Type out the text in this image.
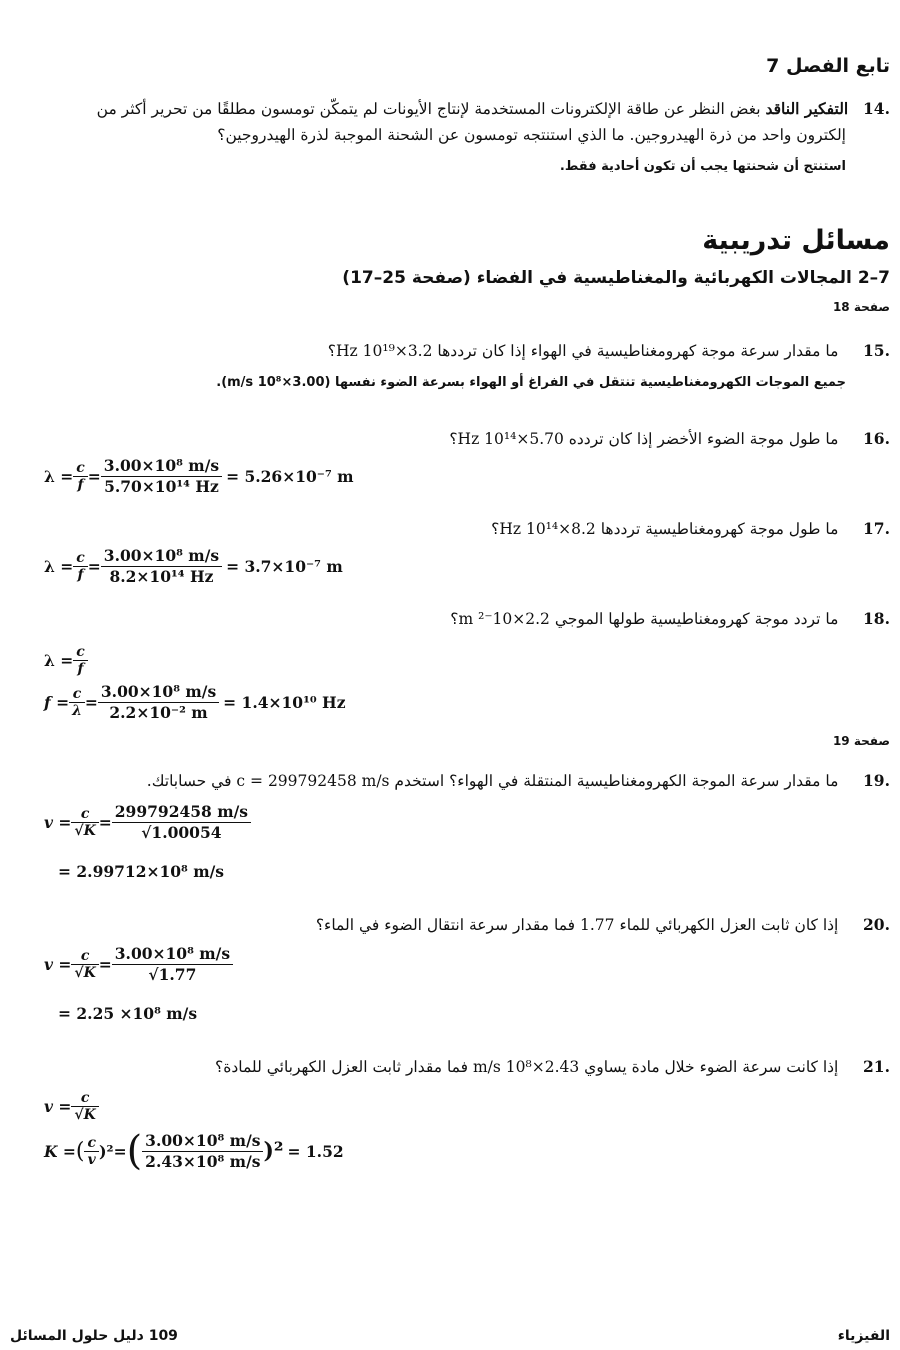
تابع الفصل 7
.14   التفكير الناقد بغض النظر عن طاقة الإلكترونات المستخدمة لإنتاج الأيونات لم يتمكّن تومسون مطلقًا من تحرير أكثر من
إلكترون واحد من ذرة الهيدروجين. ما الذي استنتجه تومسون عن الشحنة الموجبة لذرة الهيدروجين؟
استنتج أن شحنتها يجب أن تكون أحادية فقط.
مسائل تدريبية
7–2 المجالات الكهربائية والمغناطيسية في الفضاء (صفحة 25–17)
صفحة 18
.15     ما مقدار سرعة موجة كهرومغناطيسية في الهواء إذا كان ترددها 3.2×10¹⁹ Hz؟
جميع الموجات الكهرومغناطيسية تنتقل في الفراغ أو الهواء بسرعة الضوء نفسها (3.00×10⁸ m/s).
.16     ما طول موجة الضوء الأخضر إذا كان تردده 5.70×10¹⁴ Hz؟
$\lambda = \frac{c}{f} = \frac{\text{3.00×10⁸ m/s}}{\text{5.70×10¹⁴ Hz}} = 5.26\times 10^{-7}$ m
.17     ما طول موجة كهرومغناطيسية ترددها 8.2×10¹⁴ Hz؟
$\lambda = \frac{c}{f} = \frac{\text{3.00×10⁸ m/s}}{\text{8.2×10¹⁴ Hz}} = 3.7\times 10^{-7}$ m
.18     ما تردد موجة كهرومغناطيسية طولها الموجي 2.2×10⁻² m؟
$\lambda = \frac{c}{f}$
$f = \frac{c}{\lambda} = \frac{\text{3.00×10⁸ m/s}}{\text{2.2×10⁻² m}} = 1.4\times 10^{10}$ Hz
صفحة 19
.19     ما مقدار سرعة الموجة الكهرومغناطيسية المنتقلة في الهواء؟ استخدم c = 299792458 m/s في حساباتك.
$v = \frac{c}{√K} = \frac{299792458 m/s}{√1.00054}$
= 2.99712×10⁸ m/s
.20     إذا كان ثابت العزل الكهربائي للماء 1.77 فما مقدار سرعة انتقال الضوء في الماء؟
$v = \frac{c}{√K} = \frac{\text{3.00×10⁸ m/s}}{√1.77}$
= 2.25 ×10⁸ m/s
.21     إذا كانت سرعة الضوء خلال مادة يساوي 2.43×10⁸ m/s فما مقدار ثابت العزل الكهربائي للمادة؟
$v = \frac{c}{√K}$
K = ( $\frac{c}{v} )^2$ = ( $\frac{\text{3.00×10⁸ m/s}}{\text{2.43×10⁸ m/s}} )^2 = 1.52$
109 دليل حلول المسائل	الفيزياء
